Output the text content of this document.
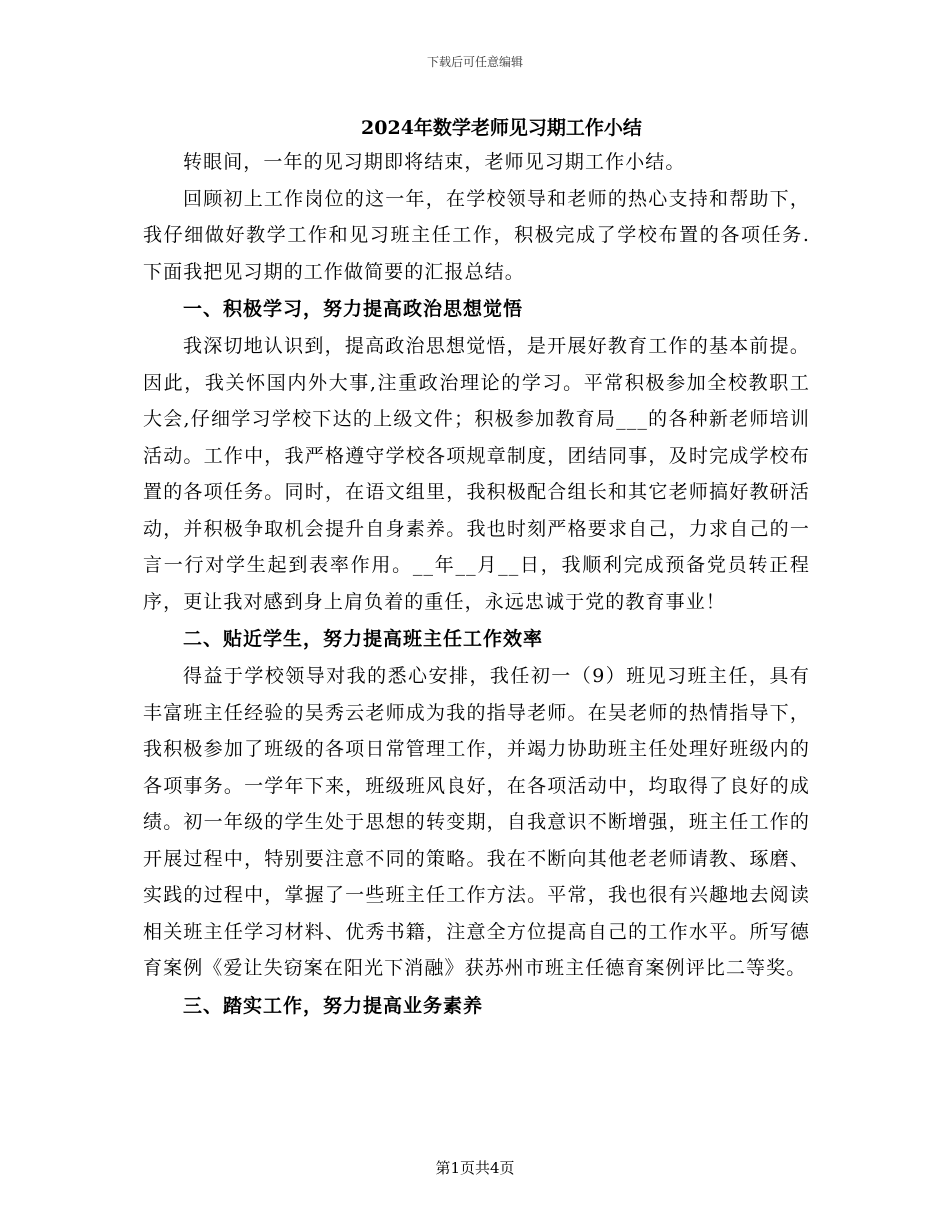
下载后可任意编辑
2024年数学老师见习期工作小结

转眼间，一年的见习期即将结束，老师见习期工作小结。

回顾初上工作岗位的这一年，在学校领导和老师的热心支持和帮助下，我仔细做好教学工作和见习班主任工作，积极完成了学校布置的各项任务.下面我把见习期的工作做简要的汇报总结。

一、积极学习，努力提高政治思想觉悟

我深切地认识到，提高政治思想觉悟，是开展好教育工作的基本前提。因此，我关怀国内外大事,注重政治理论的学习。平常积极参加全校教职工大会,仔细学习学校下达的上级文件；积极参加教育局___的各种新老师培训活动。工作中，我严格遵守学校各项规章制度，团结同事，及时完成学校布置的各项任务。同时，在语文组里，我积极配合组长和其它老师搞好教研活动，并积极争取机会提升自身素养。我也时刻严格要求自己，力求自己的一言一行对学生起到表率作用。__年__月__日，我顺利完成预备党员转正程序，更让我对感到身上肩负着的重任，永远忠诚于党的教育事业！

二、贴近学生，努力提高班主任工作效率

得益于学校领导对我的悉心安排，我任初一（9）班见习班主任，具有丰富班主任经验的吴秀云老师成为我的指导老师。在吴老师的热情指导下，我积极参加了班级的各项日常管理工作，并竭力协助班主任处理好班级内的各项事务。一学年下来，班级班风良好，在各项活动中，均取得了良好的成绩。初一年级的学生处于思想的转变期，自我意识不断增强，班主任工作的开展过程中，特别要注意不同的策略。我在不断向其他老老师请教、琢磨、实践的过程中，掌握了一些班主任工作方法。平常，我也很有兴趣地去阅读相关班主任学习材料、优秀书籍，注意全方位提高自己的工作水平。所写德育案例《爱让失窃案在阳光下消融》获苏州市班主任德育案例评比二等奖。

三、踏实工作，努力提高业务素养
第1页共4页
